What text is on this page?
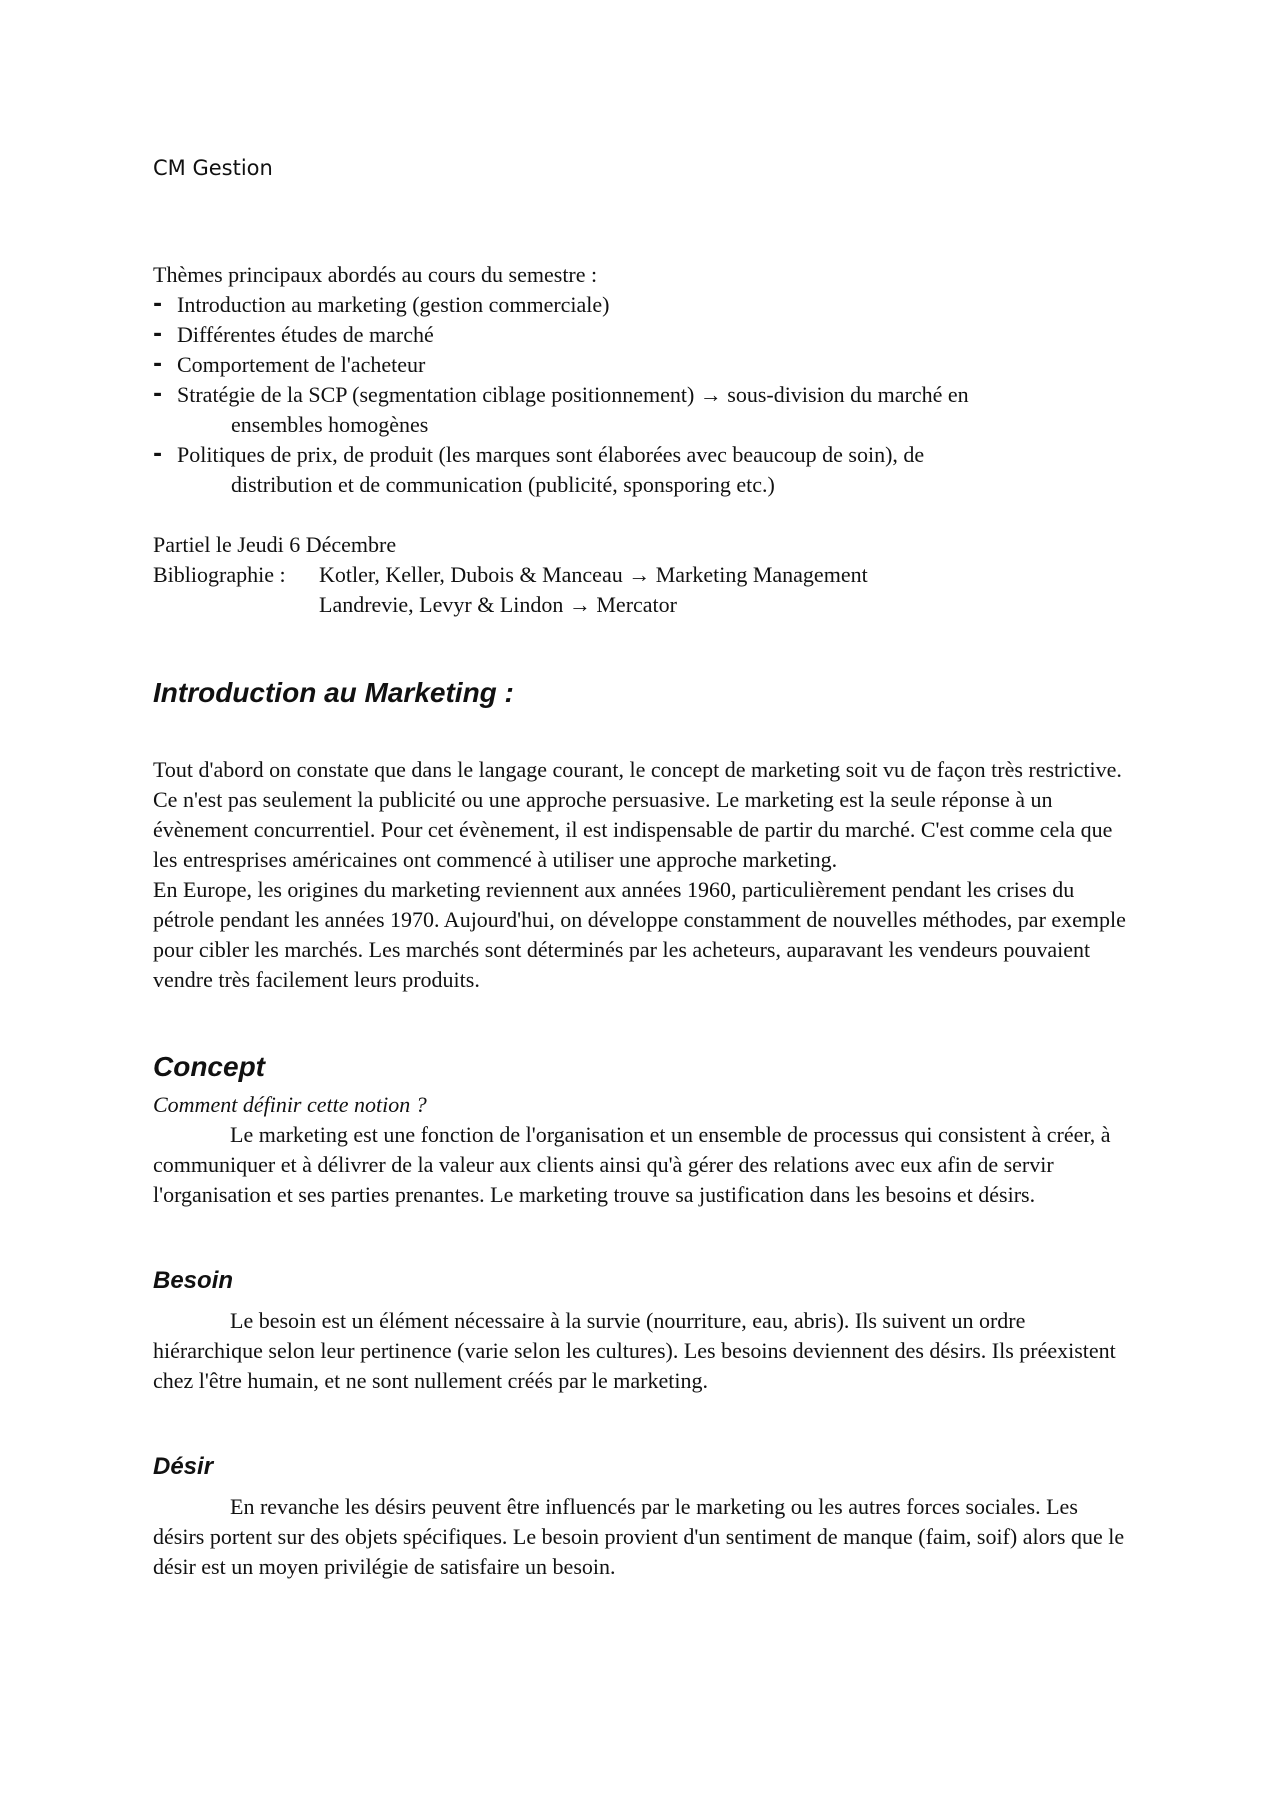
CM Gestion

Thèmes principaux abordés au cours du semestre :

- Introduction au marketing (gestion commerciale)
- Différentes études de marché
- Comportement de l'acheteur
- Stratégie de la SCP (segmentation ciblage positionnement) → sous-division du marché en
ensembles homogènes
- Politiques de prix, de produit (les marques sont élaborées avec beaucoup de soin), de
distribution et de communication (publicité, sponsporing etc.)

Partiel le Jeudi 6 Décembre

Bibliographie :	Kotler, Keller, Dubois & Manceau → Marketing Management
Landrevie, Levyr & Lindon → Mercator
Introduction au Marketing :

Tout d'abord on constate que dans le langage courant, le concept de marketing soit vu de façon très restrictive. Ce n'est pas seulement la publicité ou une approche persuasive. Le marketing est la seule réponse à un évènement concurrentiel. Pour cet évènement, il est indispensable de partir du marché. C'est comme cela que les entresprises américaines ont commencé à utiliser une approche marketing.

En Europe, les origines du marketing reviennent aux années 1960, particulièrement pendant les crises du pétrole pendant les années 1970. Aujourd'hui, on développe constamment de nouvelles méthodes, par exemple pour cibler les marchés. Les marchés sont déterminés par les acheteurs, auparavant les vendeurs pouvaient vendre très facilement leurs produits.

Concept

Comment définir cette notion ?

Le marketing est une fonction de l'organisation et un ensemble de processus qui consistent à créer, à communiquer et à délivrer de la valeur aux clients ainsi qu'à gérer des relations avec eux afin de servir l'organisation et ses parties prenantes. Le marketing trouve sa justification dans les besoins et désirs.

Besoin

Le besoin est un élément nécessaire à la survie (nourriture, eau, abris). Ils suivent un ordre hiérarchique selon leur pertinence (varie selon les cultures). Les besoins deviennent des désirs. Ils préexistent chez l'être humain, et ne sont nullement créés par le marketing.

Désir

En revanche les désirs peuvent être influencés par le marketing ou les autres forces sociales. Les désirs portent sur des objets spécifiques. Le besoin provient d'un sentiment de manque (faim, soif) alors que le désir est un moyen privilégie de satisfaire un besoin.
